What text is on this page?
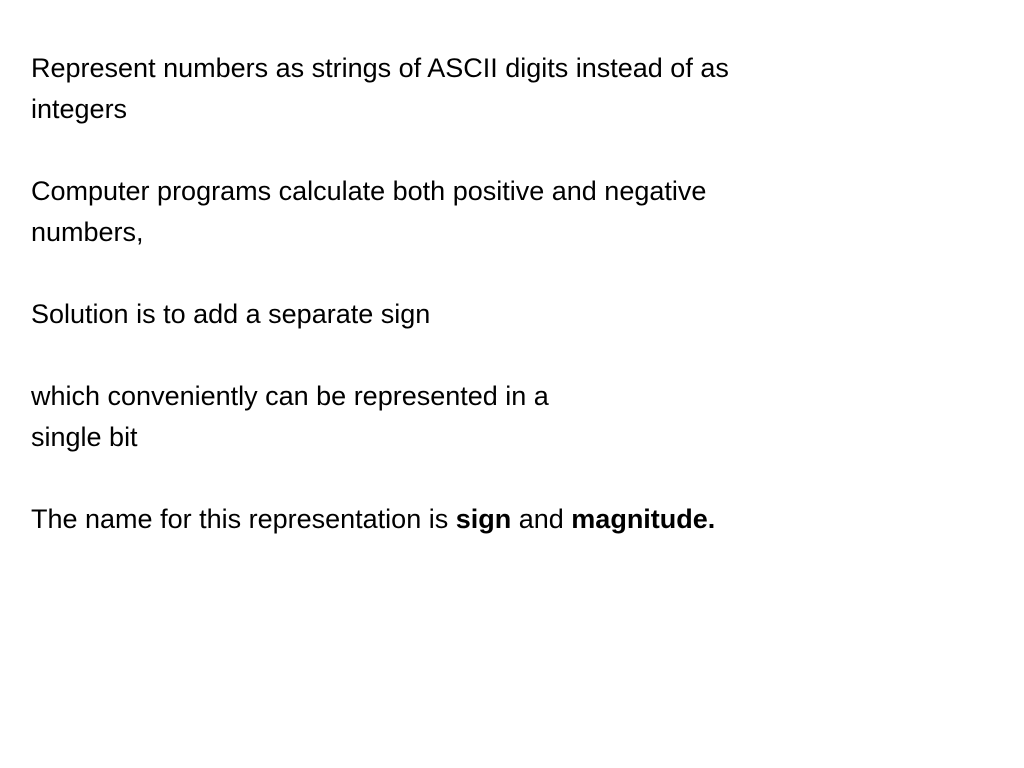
Represent numbers as strings of ASCII digits instead of as
integers
Computer programs calculate both positive and negative
numbers,
Solution is to add a separate sign
which conveniently can be represented in a
single bit
The name for this representation is sign and magnitude.
